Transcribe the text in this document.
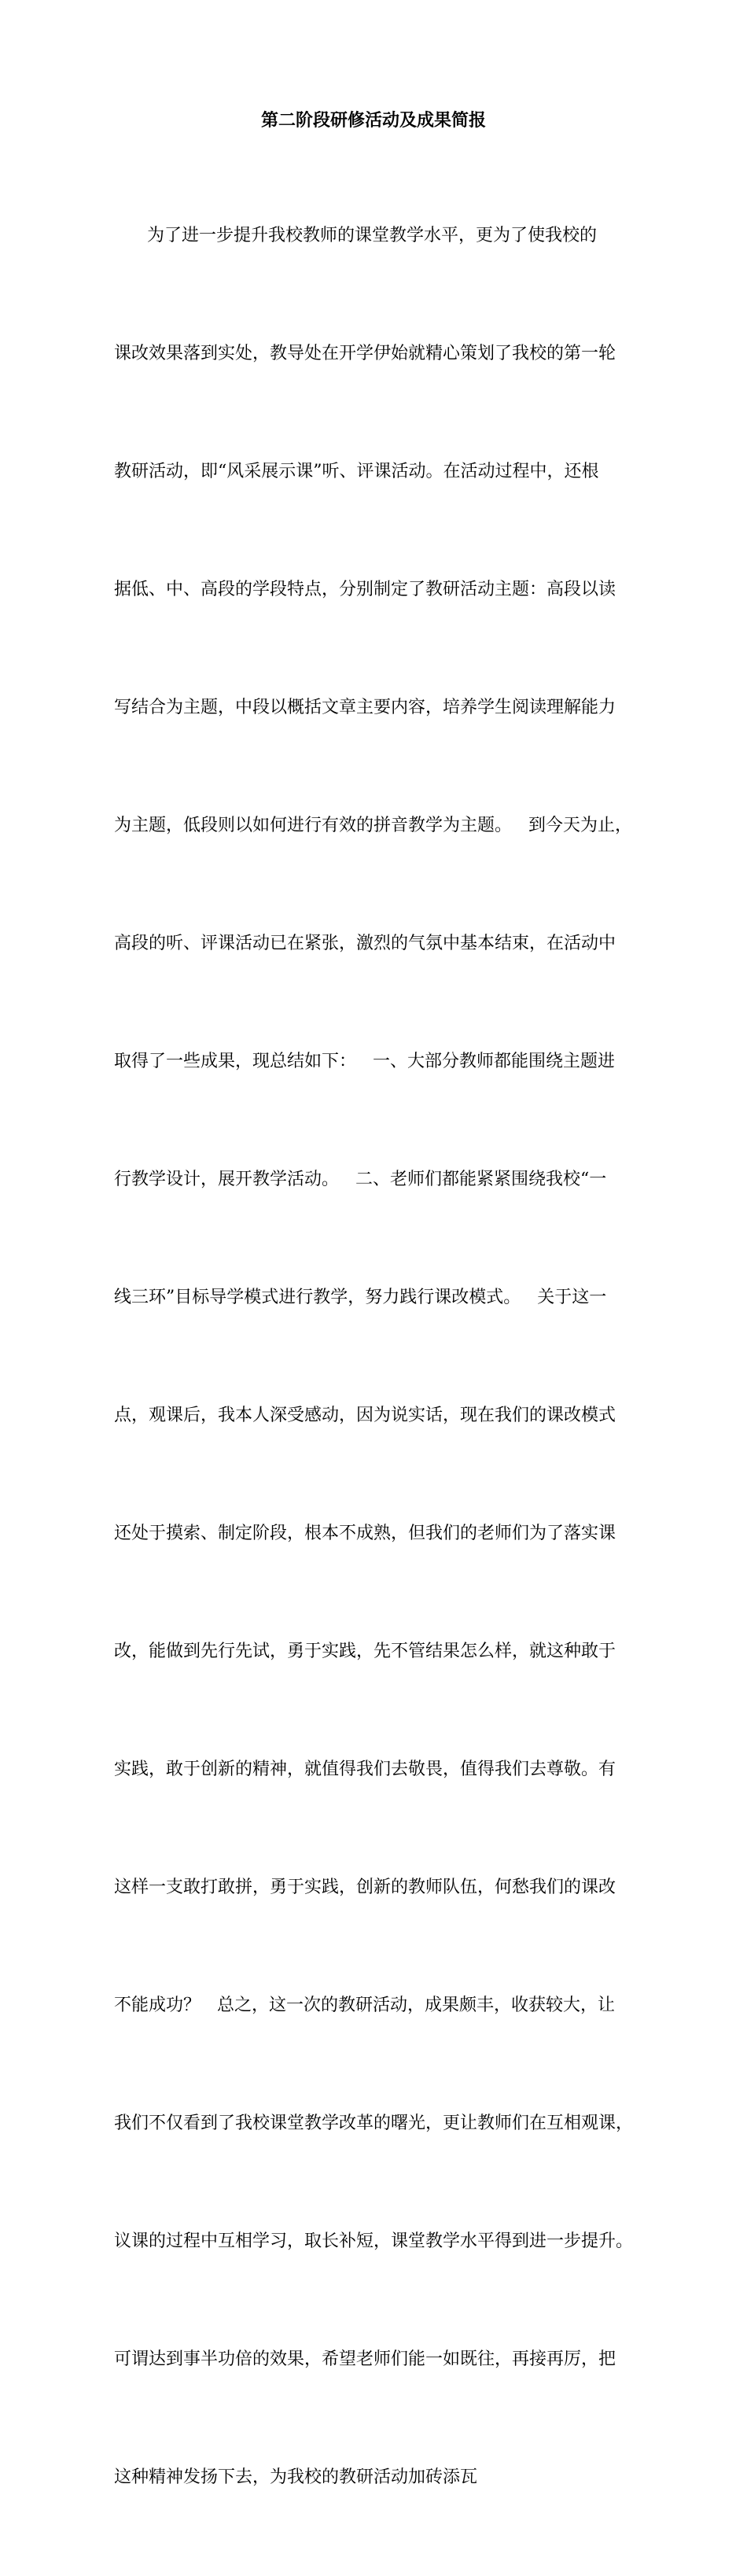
第二阶段研修活动及成果简报

为了进一步提升我校教师的课堂教学水平，更为了使我校的

课改效果落到实处，教导处在开学伊始就精心策划了我校的第一轮

教研活动，即“风采展示课”听、评课活动。在活动过程中，还根

据低、中、高段的学段特点，分别制定了教研活动主题：高段以读

写结合为主题，中段以概括文章主要内容，培养学生阅读理解能力

为主题，低段则以如何进行有效的拼音教学为主题。   到今天为止，

高段的听、评课活动已在紧张，激烈的气氛中基本结束，在活动中

取得了一些成果，现总结如下：   一、大部分教师都能围绕主题进

行教学设计，展开教学活动。   二、老师们都能紧紧围绕我校“一

线三环”目标导学模式进行教学，努力践行课改模式。   关于这一

点，观课后，我本人深受感动，因为说实话，现在我们的课改模式

还处于摸索、制定阶段，根本不成熟，但我们的老师们为了落实课

改，能做到先行先试，勇于实践，先不管结果怎么样，就这种敢于

实践，敢于创新的精神，就值得我们去敬畏，值得我们去尊敬。有

这样一支敢打敢拼，勇于实践，创新的教师队伍，何愁我们的课改

不能成功？   总之，这一次的教研活动，成果颇丰，收获较大，让

我们不仅看到了我校课堂教学改革的曙光，更让教师们在互相观课，

议课的过程中互相学习，取长补短，课堂教学水平得到进一步提升。

可谓达到事半功倍的效果，希望老师们能一如既往，再接再厉，把

这种精神发扬下去，为我校的教研活动加砖添瓦
